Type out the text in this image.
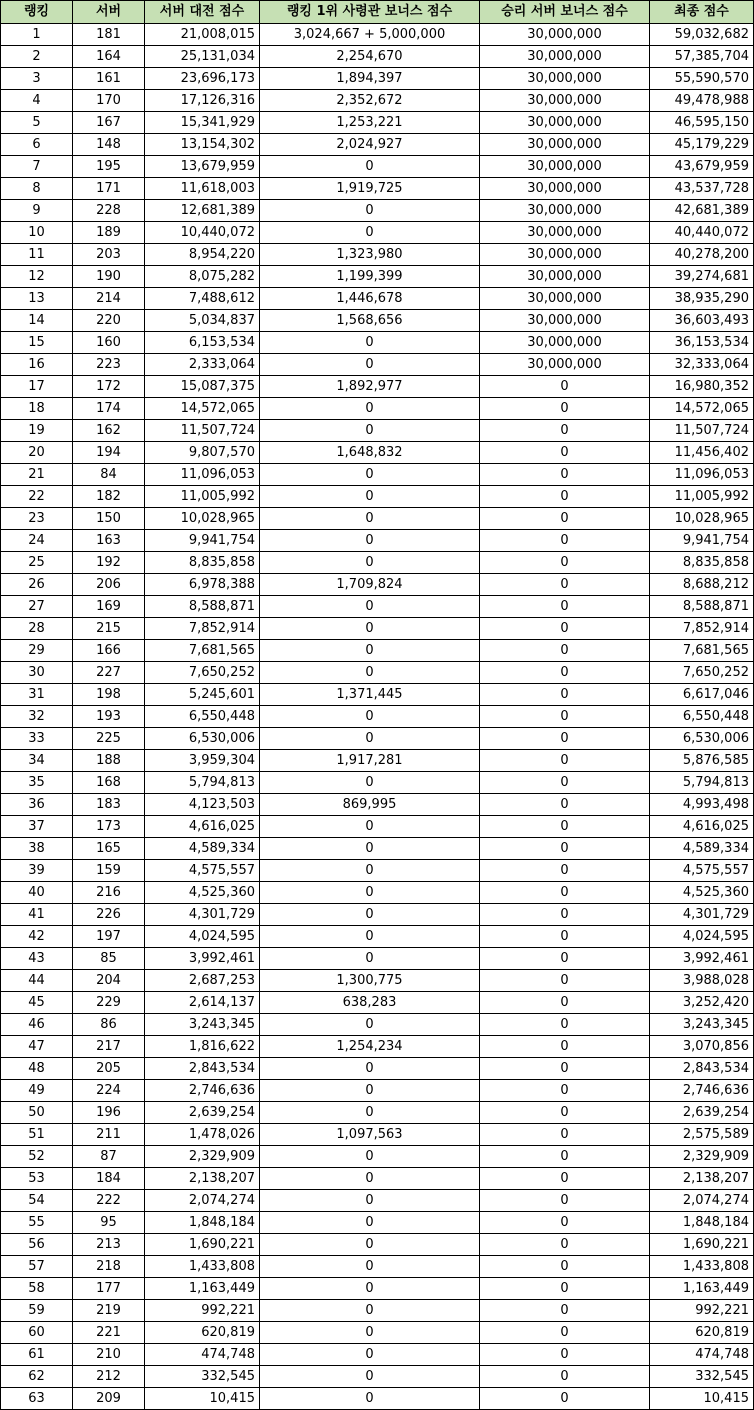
랭킹	서버	서버 대전 점수	랭킹 1위 사령관 보너스 점수	승리 서버 보너스 점수	최종 점수
1	181	21,008,015	3,024,667 + 5,000,000	30,000,000	59,032,682
2	164	25,131,034	2,254,670	30,000,000	57,385,704
3	161	23,696,173	1,894,397	30,000,000	55,590,570
4	170	17,126,316	2,352,672	30,000,000	49,478,988
5	167	15,341,929	1,253,221	30,000,000	46,595,150
6	148	13,154,302	2,024,927	30,000,000	45,179,229
7	195	13,679,959	0	30,000,000	43,679,959
8	171	11,618,003	1,919,725	30,000,000	43,537,728
9	228	12,681,389	0	30,000,000	42,681,389
10	189	10,440,072	0	30,000,000	40,440,072
11	203	8,954,220	1,323,980	30,000,000	40,278,200
12	190	8,075,282	1,199,399	30,000,000	39,274,681
13	214	7,488,612	1,446,678	30,000,000	38,935,290
14	220	5,034,837	1,568,656	30,000,000	36,603,493
15	160	6,153,534	0	30,000,000	36,153,534
16	223	2,333,064	0	30,000,000	32,333,064
17	172	15,087,375	1,892,977	0	16,980,352
18	174	14,572,065	0	0	14,572,065
19	162	11,507,724	0	0	11,507,724
20	194	9,807,570	1,648,832	0	11,456,402
21	84	11,096,053	0	0	11,096,053
22	182	11,005,992	0	0	11,005,992
23	150	10,028,965	0	0	10,028,965
24	163	9,941,754	0	0	9,941,754
25	192	8,835,858	0	0	8,835,858
26	206	6,978,388	1,709,824	0	8,688,212
27	169	8,588,871	0	0	8,588,871
28	215	7,852,914	0	0	7,852,914
29	166	7,681,565	0	0	7,681,565
30	227	7,650,252	0	0	7,650,252
31	198	5,245,601	1,371,445	0	6,617,046
32	193	6,550,448	0	0	6,550,448
33	225	6,530,006	0	0	6,530,006
34	188	3,959,304	1,917,281	0	5,876,585
35	168	5,794,813	0	0	5,794,813
36	183	4,123,503	869,995	0	4,993,498
37	173	4,616,025	0	0	4,616,025
38	165	4,589,334	0	0	4,589,334
39	159	4,575,557	0	0	4,575,557
40	216	4,525,360	0	0	4,525,360
41	226	4,301,729	0	0	4,301,729
42	197	4,024,595	0	0	4,024,595
43	85	3,992,461	0	0	3,992,461
44	204	2,687,253	1,300,775	0	3,988,028
45	229	2,614,137	638,283	0	3,252,420
46	86	3,243,345	0	0	3,243,345
47	217	1,816,622	1,254,234	0	3,070,856
48	205	2,843,534	0	0	2,843,534
49	224	2,746,636	0	0	2,746,636
50	196	2,639,254	0	0	2,639,254
51	211	1,478,026	1,097,563	0	2,575,589
52	87	2,329,909	0	0	2,329,909
53	184	2,138,207	0	0	2,138,207
54	222	2,074,274	0	0	2,074,274
55	95	1,848,184	0	0	1,848,184
56	213	1,690,221	0	0	1,690,221
57	218	1,433,808	0	0	1,433,808
58	177	1,163,449	0	0	1,163,449
59	219	992,221	0	0	992,221
60	221	620,819	0	0	620,819
61	210	474,748	0	0	474,748
62	212	332,545	0	0	332,545
63	209	10,415	0	0	10,415
